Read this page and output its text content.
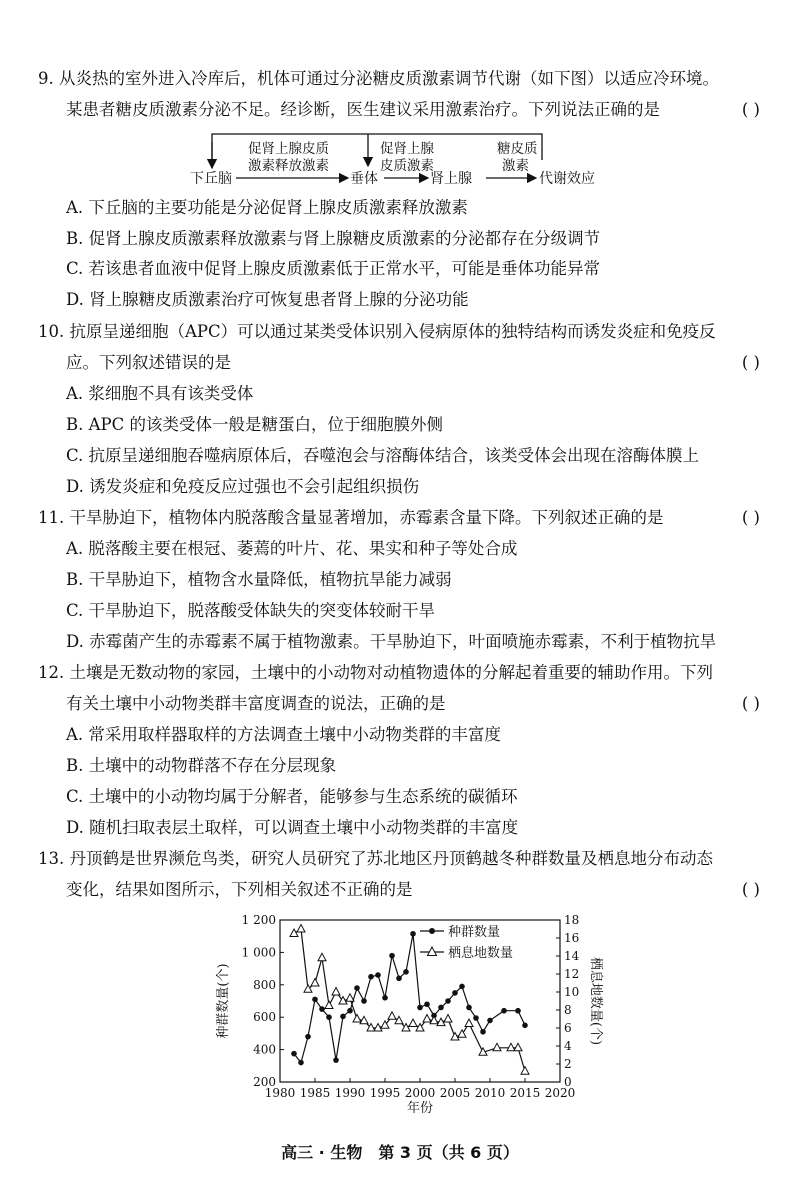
9. 从炎热的室外进入冷库后，机体可通过分泌糖皮质激素调节代谢（如下图）以适应冷环境。
某患者糖皮质激素分泌不足。经诊断，医生建议采用激素治疗。下列说法正确的是	( )
下丘脑	垂体	肾上腺	代谢效应
促肾上腺皮质
激素释放激素
促肾上腺
皮质激素
糖皮质
激素
A. 下丘脑的主要功能是分泌促肾上腺皮质激素释放激素
B. 促肾上腺皮质激素释放激素与肾上腺糖皮质激素的分泌都存在分级调节
C. 若该患者血液中促肾上腺皮质激素低于正常水平，可能是垂体功能异常
D. 肾上腺糖皮质激素治疗可恢复患者肾上腺的分泌功能
10. 抗原呈递细胞（APC）可以通过某类受体识别入侵病原体的独特结构而诱发炎症和免疫反
应。下列叙述错误的是	( )
A. 浆细胞不具有该类受体
B. APC 的该类受体一般是糖蛋白，位于细胞膜外侧
C. 抗原呈递细胞吞噬病原体后，吞噬泡会与溶酶体结合，该类受体会出现在溶酶体膜上
D. 诱发炎症和免疫反应过强也不会引起组织损伤
11. 干旱胁迫下，植物体内脱落酸含量显著增加，赤霉素含量下降。下列叙述正确的是	( )
A. 脱落酸主要在根冠、萎蔫的叶片、花、果实和种子等处合成
B. 干旱胁迫下，植物含水量降低，植物抗旱能力减弱
C. 干旱胁迫下，脱落酸受体缺失的突变体较耐干旱
D. 赤霉菌产生的赤霉素不属于植物激素。干旱胁迫下，叶面喷施赤霉素，不利于植物抗旱
12. 土壤是无数动物的家园，土壤中的小动物对动植物遗体的分解起着重要的辅助作用。下列
有关土壤中小动物类群丰富度调查的说法，正确的是	( )
A. 常采用取样器取样的方法调查土壤中小动物类群的丰富度
B. 土壤中的动物群落不存在分层现象
C. 土壤中的小动物均属于分解者，能够参与生态系统的碳循环
D. 随机扫取表层土取样，可以调查土壤中小动物类群的丰富度
13. 丹顶鹤是世界濒危鸟类，研究人员研究了苏北地区丹顶鹤越冬种群数量及栖息地分布动态
变化，结果如图所示，下列相关叙述不正确的是	( )
1980 1985 1990 1995 2000 2005 2010 2015 2020
200
400
600
800
1 000
1 200
0
2
4
6
8
10
12
14
16
18
种群数量
栖息地数量
年份
种群数量(个)	栖息地数量(个)
高三 · 生物　第 3 页（共 6 页）
